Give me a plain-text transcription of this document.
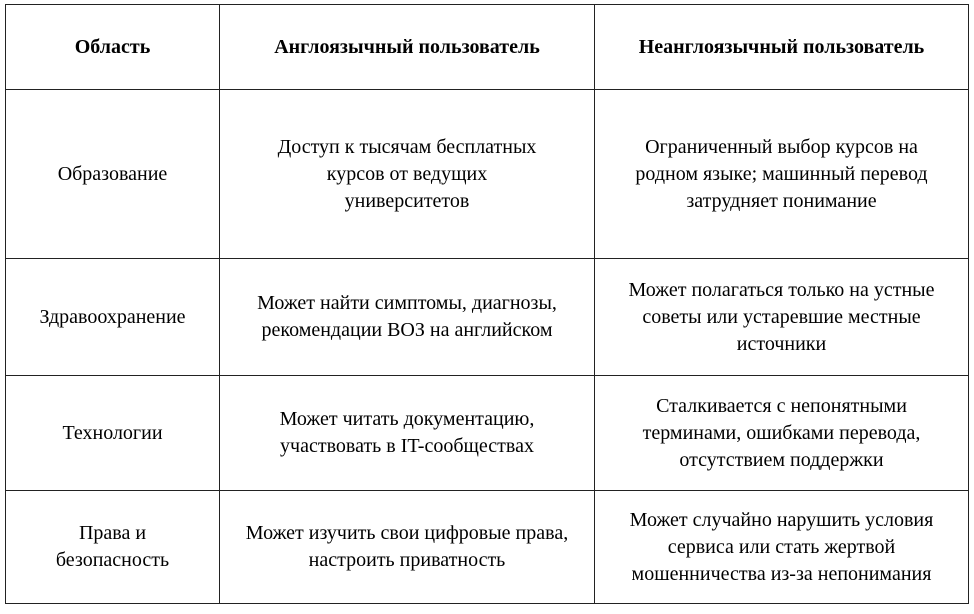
Область	Англоязычный пользователь	Неанглоязычный пользователь
Образование	Доступ к тысячам бесплатных курсов от ведущих университетов	Ограниченный выбор курсов на родном языке; машинный перевод затрудняет понимание

Здравоохранение	Может найти симптомы, диагнозы, рекомендации ВОЗ на английском	Может полагаться только на устные советы или устаревшие местные источники

Технологии	Может читать документацию, участвовать в IT-сообществах	Сталкивается с непонятными терминами, ошибками перевода, отсутствием поддержки

Права и безопасность	Может изучить свои цифровые права, настроить приватность	Может случайно нарушить условия сервиса или стать жертвой мошенничества из-за непонимания
